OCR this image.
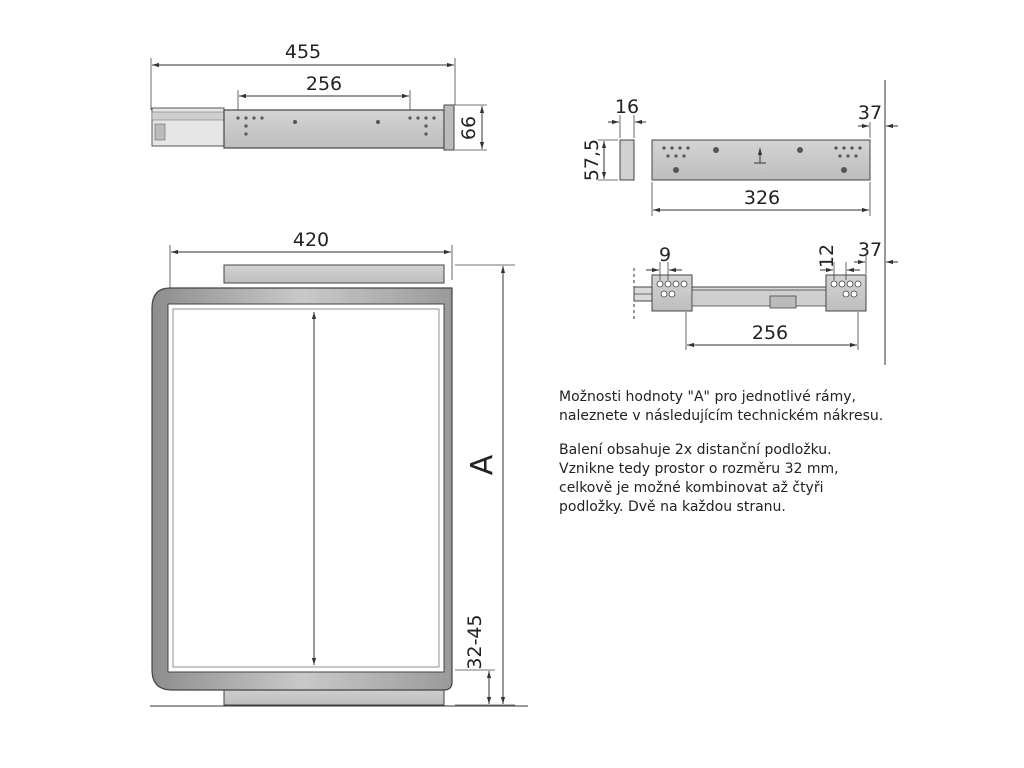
455
256
66
420
A
32-45
16
57,5
37
326
9	12 37
256

Možnosti hodnoty "A" pro jednotlivé rámy, naleznete v následujícím technickém nákresu.

Balení obsahuje 2x distanční podložku. Vznikne tedy prostor o rozměru 32 mm, celkově je možné kombinovat až čtyři podložky. Dvě na každou stranu.
